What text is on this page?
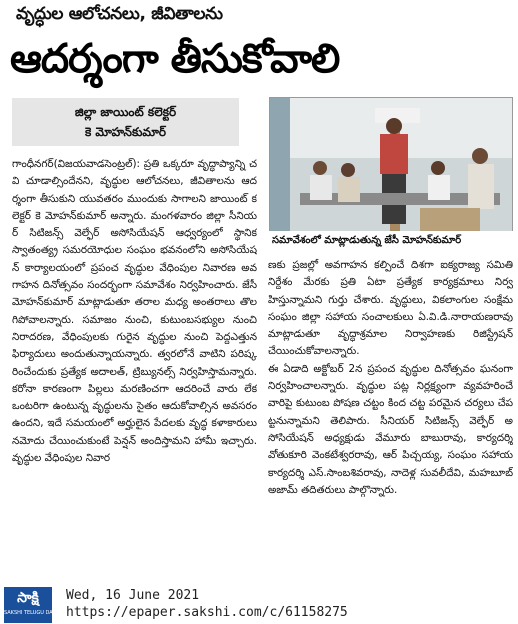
వృద్ధుల ఆలోచనలు, జీవితాలను
ఆదర్శంగా తీసుకోవాలి
జిల్లా జాయింట్ కలెక్టర్
కె మోహన్‌కుమార్
సమావేశంలో మాట్లాడుతున్న జేసీ మోహన్‌కుమార్

గాంధీనగర్(విజయవాడసెంట్రల్): ప్రతి ఒక్కరూ వృద్ధాప్యాన్ని చవి చూడాల్సిందేనని, వృద్ధుల ఆలోచనలు, జీవితాలను ఆదర్శంగా తీసుకుని యువతరం ముందుకు సాగాలని జాయింట్ కలెక్టర్ కె మోహన్‌కుమార్ అన్నారు. మంగళవారం జిల్లా సీనియర్ సిటిజన్స్ వెల్ఫేర్ అసోసియేషన్ ఆధ్వర్యంలో స్థానిక స్వాతంత్య్ర సమరయోధుల సంఘం భవనంలోని అసోసియేషన్ కార్యాలయంలో ప్రపంచ వృద్ధుల వేధింపుల నివారణ అవగాహన దినోత్సవం సందర్భంగా సమావేశం నిర్వహించారు. జేసీ మోహన్‌కుమార్ మాట్లాడుతూ తరాల మధ్య అంతరాలు తొలగిపోవాలన్నారు. సమాజం నుంచి, కుటుంబసభ్యుల నుంచి నిరాదరణ, వేధింపులకు గురైన వృద్ధుల నుంచి పెద్దఎత్తున ఫిర్యాదులు అందుతున్నాయన్నారు. త్వరలోనే వాటిని పరిష్కరించేందుకు ప్రత్యేక అదాలత్, ట్రిబ్యునల్స్ నిర్వహిస్తామన్నారు. కరోనా కారణంగా పిల్లలు మరణించగా ఆదరించే వారు లేక ఒంటరిగా ఉంటున్న వృద్ధులను సైతం ఆదుకోవాల్సిన అవసరం ఉందని, ఇదే సమయంలో అర్హులైన పేదలకు వృద్ధ కళాకారులు నమోదు చేయించుకుంటే పెన్షన్ అందిస్తామని హామీ ఇచ్చారు. వృద్ధుల వేధింపుల నివార

ణకు ప్రజల్లో అవగాహన కల్పించే దిశగా ఐక్యరాజ్య సమితి నిర్దేశం మేరకు ప్రతి ఏటా ప్రత్యేక కార్యక్రమాలు నిర్వహిస్తున్నామని గుర్తు చేశారు. వృద్ధులు, వికలాంగుల సంక్షేమ సంఘం జిల్లా సహాయ సంచాలకులు ఏ.వి.డి.నారాయణరావు మాట్లాడుతూ వృద్ధాశ్రమాల నిర్వాహణకు రిజిస్ట్రేషన్ చేయించుకోవాలన్నారు.

ఈ ఏడాది అక్టోబర్ 2న ప్రపంచ వృద్ధుల దినోత్సవం ఘనంగా నిర్వహించాలన్నారు. వృద్ధుల పట్ల నిర్లక్ష్యంగా వ్యవహరించే వారిపై కుటుంబ పోషణ చట్టం కింద చట్ట పరమైన చర్యలు చేపట్టనున్నామని తెలిపారు. సీనియర్ సిటిజన్స్ వెల్ఫేర్ అసోసియేషన్ అధ్యక్షుడు వేమూరు బాబురావు, కార్యదర్శి వోతుకూరి వెంకటేశ్వరరావు, ఆర్ పిచ్చయ్య, సంఘం సహాయ కార్యదర్శి ఎస్.సాంబశివరావు, నాదెళ్ల సువలీదేవి, మహబూబ్ అజామ్ తదితరులు పాల్గొన్నారు.

సాక్షి
SAKSHI TELUGU DAILY
Wed, 16 June 2021
https://epaper.sakshi.com/c/61158275
